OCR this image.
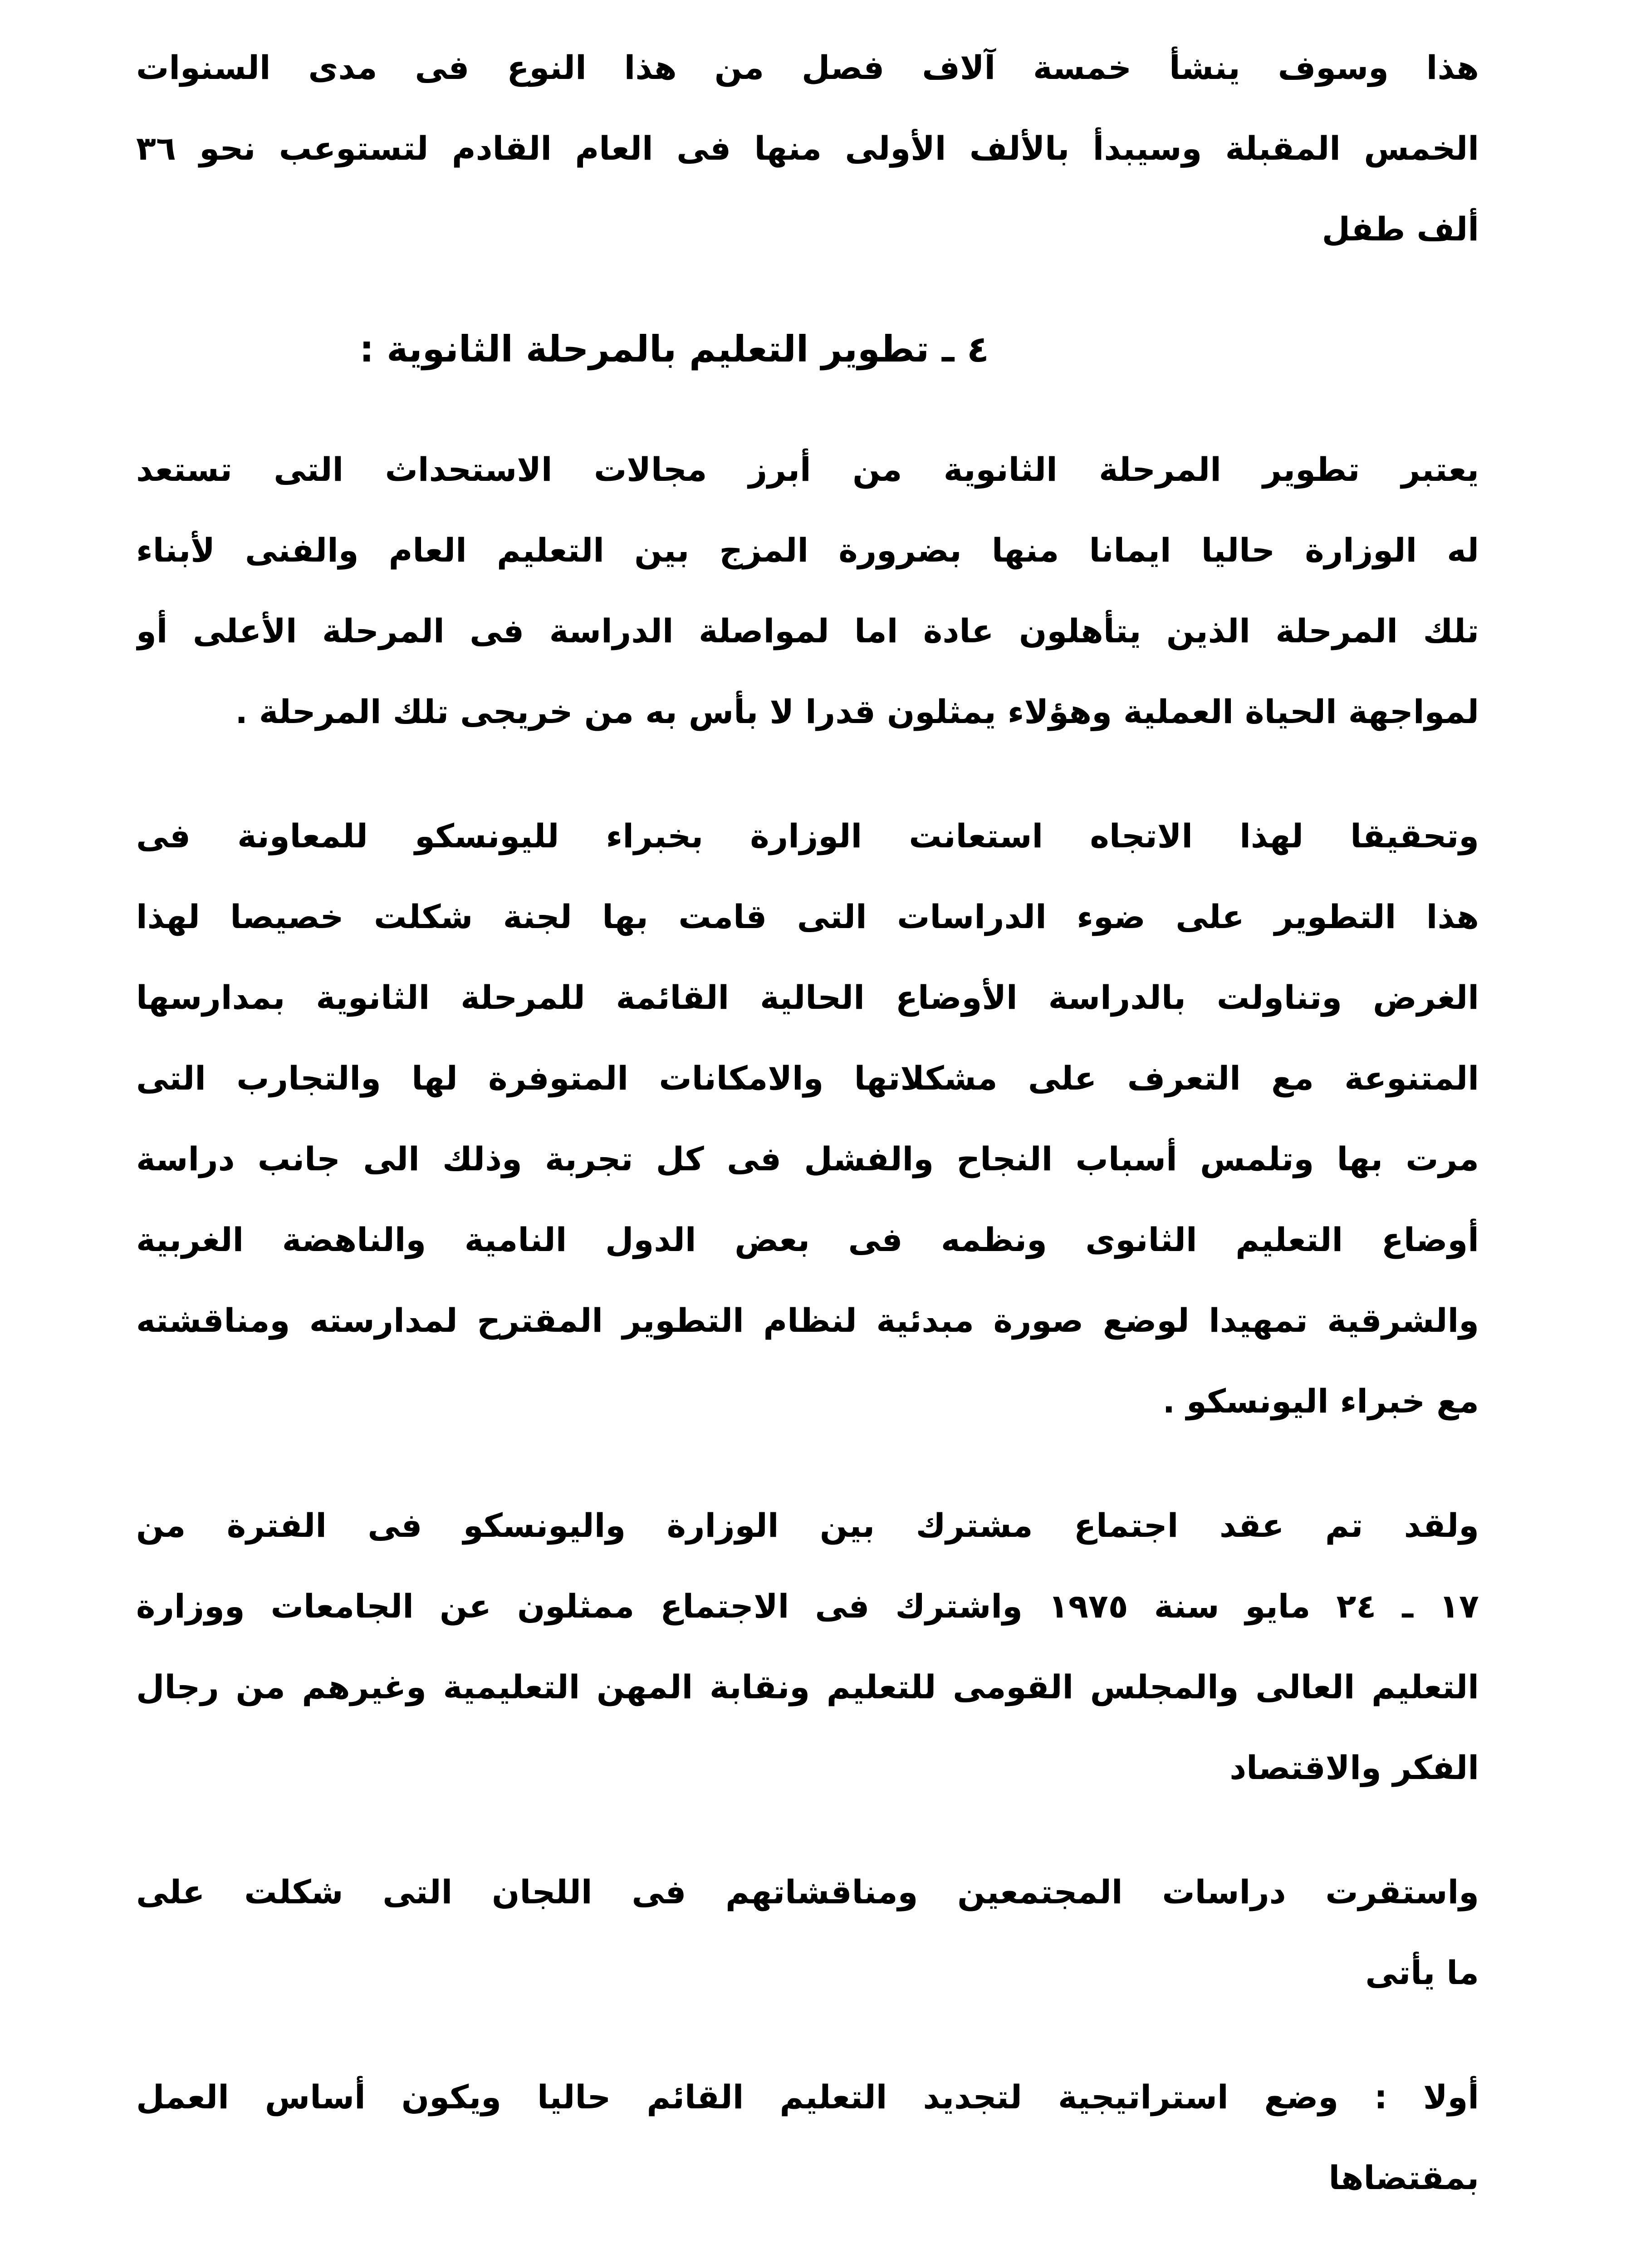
هذا وسوف ينشأ خمسة آلاف فصل من هذا النوع فى مدى السنوات
الخمس المقبلة وسيبدأ بالألف الأولى منها فى العام القادم لتستوعب نحو ٣٦
ألف طفل
٤ ـ تطوير التعليم بالمرحلة الثانوية :
يعتبر تطوير المرحلة الثانوية من أبرز مجالات الاستحداث التى تستعد
له الوزارة حاليا ايمانا منها بضرورة المزج بين التعليم العام والفنى لأبناء
تلك المرحلة الذين يتأهلون عادة اما لمواصلة الدراسة فى المرحلة الأعلى أو
لمواجهة الحياة العملية وهؤلاء يمثلون قدرا لا بأس به من خريجى تلك المرحلة .
وتحقيقا لهذا الاتجاه استعانت الوزارة بخبراء لليونسكو للمعاونة فى
هذا التطوير على ضوء الدراسات التى قامت بها لجنة شكلت خصيصا لهذا
الغرض وتناولت بالدراسة الأوضاع الحالية القائمة للمرحلة الثانوية بمدارسها
المتنوعة مع التعرف على مشكلاتها والامكانات المتوفرة لها والتجارب التى
مرت بها وتلمس أسباب النجاح والفشل فى كل تجربة وذلك الى جانب دراسة
أوضاع التعليم الثانوى ونظمه فى بعض الدول النامية والناهضة الغربية
والشرقية تمهيدا لوضع صورة مبدئية لنظام التطوير المقترح لمدارسته ومناقشته
مع خبراء اليونسكو .
ولقد تم عقد اجتماع مشترك بين الوزارة واليونسكو فى الفترة من
١٧ ـ ٢٤ مايو سنة ١٩٧٥ واشترك فى الاجتماع ممثلون عن الجامعات ووزارة
التعليم العالى والمجلس القومى للتعليم ونقابة المهن التعليمية وغيرهم من رجال
الفكر والاقتصاد
واستقرت دراسات المجتمعين ومناقشاتهم فى اللجان التى شكلت على
ما يأتى
أولا : وضع استراتيجية لتجديد التعليم القائم حاليا ويكون أساس العمل
بمقتضاها
